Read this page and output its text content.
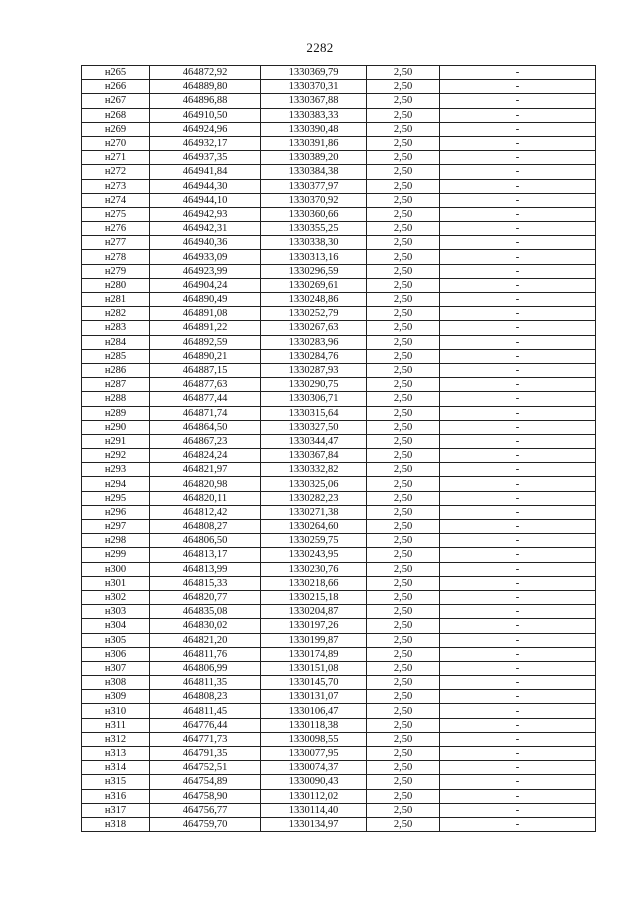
2282
н265	464872,92	1330369,79	2,50	-
н266	464889,80	1330370,31	2,50	-
н267	464896,88	1330367,88	2,50	-
н268	464910,50	1330383,33	2,50	-
н269	464924,96	1330390,48	2,50	-
н270	464932,17	1330391,86	2,50	-
н271	464937,35	1330389,20	2,50	-
н272	464941,84	1330384,38	2,50	-
н273	464944,30	1330377,97	2,50	-
н274	464944,10	1330370,92	2,50	-
н275	464942,93	1330360,66	2,50	-
н276	464942,31	1330355,25	2,50	-
н277	464940,36	1330338,30	2,50	-
н278	464933,09	1330313,16	2,50	-
н279	464923,99	1330296,59	2,50	-
н280	464904,24	1330269,61	2,50	-
н281	464890,49	1330248,86	2,50	-
н282	464891,08	1330252,79	2,50	-
н283	464891,22	1330267,63	2,50	-
н284	464892,59	1330283,96	2,50	-
н285	464890,21	1330284,76	2,50	-
н286	464887,15	1330287,93	2,50	-
н287	464877,63	1330290,75	2,50	-
н288	464877,44	1330306,71	2,50	-
н289	464871,74	1330315,64	2,50	-
н290	464864,50	1330327,50	2,50	-
н291	464867,23	1330344,47	2,50	-
н292	464824,24	1330367,84	2,50	-
н293	464821,97	1330332,82	2,50	-
н294	464820,98	1330325,06	2,50	-
н295	464820,11	1330282,23	2,50	-
н296	464812,42	1330271,38	2,50	-
н297	464808,27	1330264,60	2,50	-
н298	464806,50	1330259,75	2,50	-
н299	464813,17	1330243,95	2,50	-
н300	464813,99	1330230,76	2,50	-
н301	464815,33	1330218,66	2,50	-
н302	464820,77	1330215,18	2,50	-
н303	464835,08	1330204,87	2,50	-
н304	464830,02	1330197,26	2,50	-
н305	464821,20	1330199,87	2,50	-
н306	464811,76	1330174,89	2,50	-
н307	464806,99	1330151,08	2,50	-
н308	464811,35	1330145,70	2,50	-
н309	464808,23	1330131,07	2,50	-
н310	464811,45	1330106,47	2,50	-
н311	464776,44	1330118,38	2,50	-
н312	464771,73	1330098,55	2,50	-
н313	464791,35	1330077,95	2,50	-
н314	464752,51	1330074,37	2,50	-
н315	464754,89	1330090,43	2,50	-
н316	464758,90	1330112,02	2,50	-
н317	464756,77	1330114,40	2,50	-
н318	464759,70	1330134,97	2,50	-
